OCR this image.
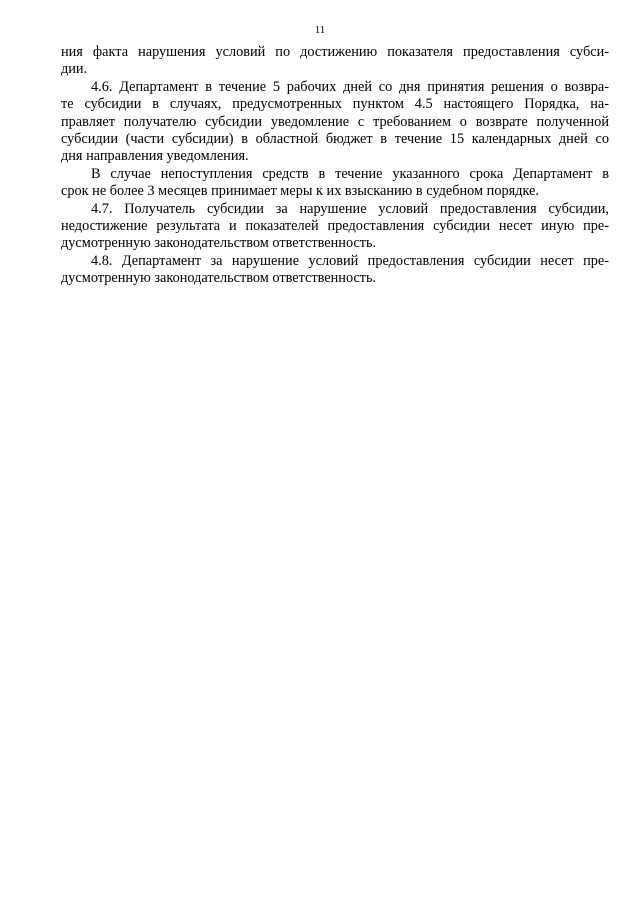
11
ния факта нарушения условий по достижению показателя предоставления субси-
дии.
4.6. Департамент в течение 5 рабочих дней со дня принятия решения о возвра-
те субсидии в случаях, предусмотренных пунктом 4.5 настоящего Порядка, на-
правляет получателю субсидии уведомление с требованием о возврате полученной
субсидии (части субсидии) в областной бюджет в течение 15 календарных дней со
дня направления уведомления.
В случае непоступления средств в течение указанного срока Департамент в
срок не более 3 месяцев принимает меры к их взысканию в судебном порядке.
4.7. Получатель субсидии за нарушение условий предоставления субсидии,
недостижение результата и показателей предоставления субсидии несет иную пре-
дусмотренную законодательством ответственность.
4.8. Департамент за нарушение условий предоставления субсидии несет пре-
дусмотренную законодательством ответственность.
· · ·
